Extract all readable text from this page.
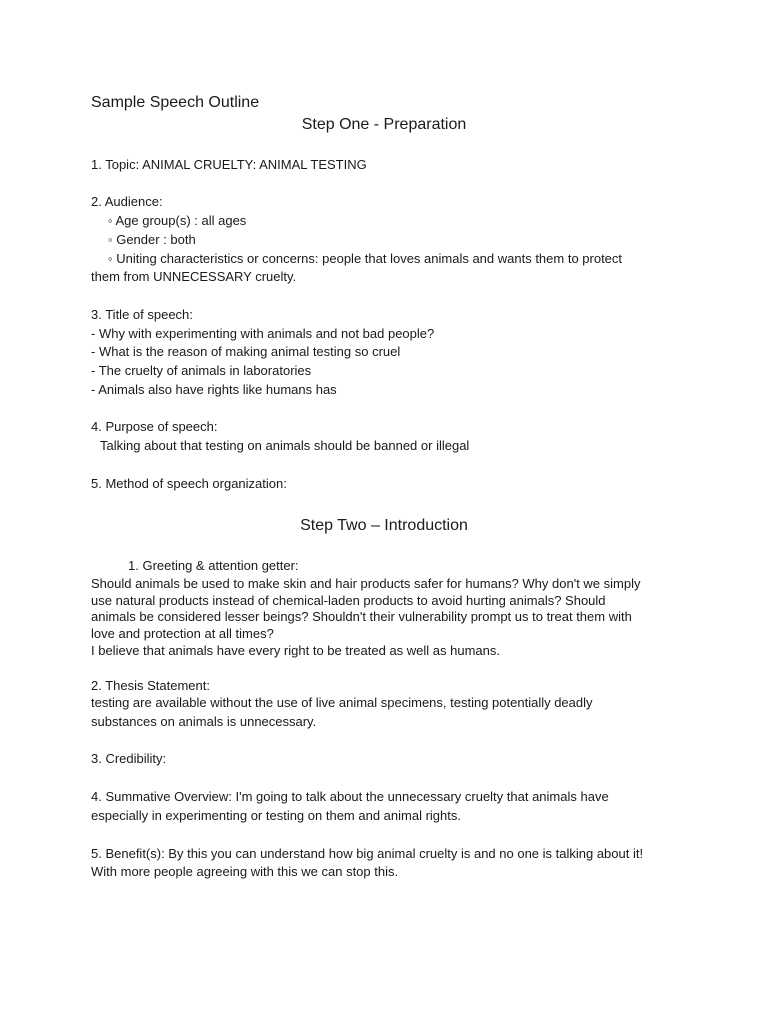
Sample Speech Outline
Step One - Preparation
1. Topic: ANIMAL CRUELTY: ANIMAL TESTING
2. Audience:
◦ Age group(s) : all ages
◦ Gender : both
◦ Uniting characteristics or concerns: people that loves animals and wants them to protect
them from UNNECESSARY cruelty.
3. Title of speech:
- Why with experimenting with animals and not bad people?
- What is the reason of making animal testing so cruel
- The cruelty of animals in laboratories
- Animals also have rights like humans has
4. Purpose of speech:
Talking about that testing on animals should be banned or illegal
5. Method of speech organization:
Step Two – Introduction
1. Greeting & attention getter:
Should animals be used to make skin and hair products safer for humans? Why don't we simply
use natural products instead of chemical-laden products to avoid hurting animals? Should
animals be considered lesser beings? Shouldn't their vulnerability prompt us to treat them with
love and protection at all times?
I believe that animals have every right to be treated as well as humans.
2. Thesis Statement:
testing are available without the use of live animal specimens, testing potentially deadly
substances on animals is unnecessary.
3. Credibility:
4. Summative Overview: I'm going to talk about the unnecessary cruelty that animals have
especially in experimenting or testing on them and animal rights.
5. Benefit(s): By this you can understand how big animal cruelty is and no one is talking about it!
With more people agreeing with this we can stop this.
